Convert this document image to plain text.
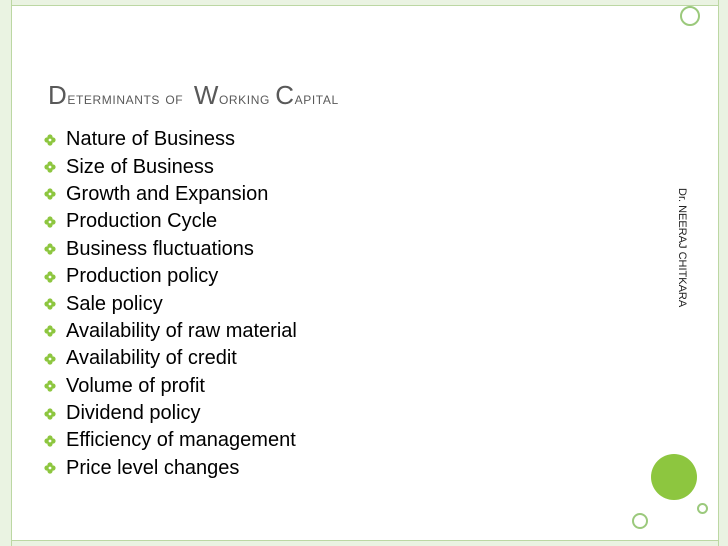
Determinants of Working Capital
Nature of Business
Size of Business
Growth and Expansion
Production Cycle
Business fluctuations
Production policy
Sale policy
Availability of raw material
Availability of credit
Volume of profit
Dividend policy
Efficiency of management
Price level changes
Dr. NEERAJ CHITKARA
